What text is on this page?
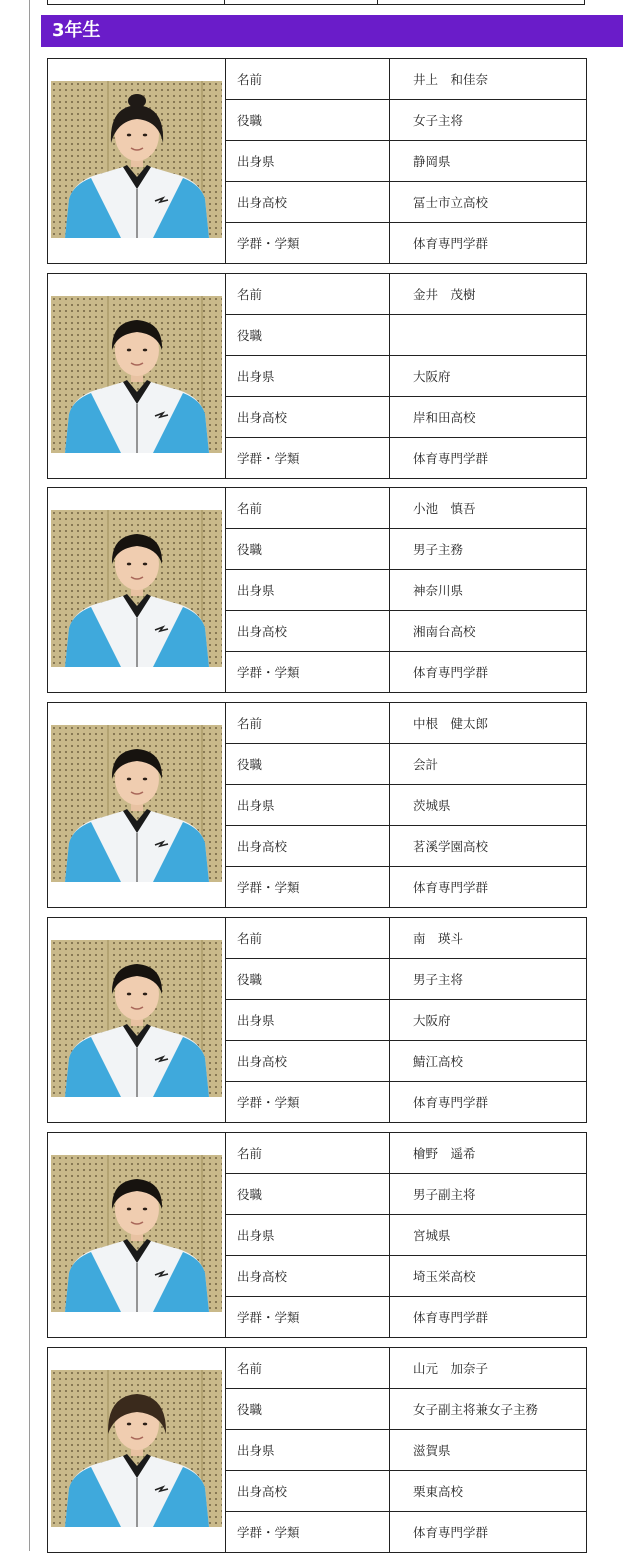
3年生
	名前	井上　和佳奈
	役職	女子主将
	出身県	静岡県
	出身高校	冨士市立高校
	学群・学類	体育専門学群
	名前	金井　茂樹
	役職	
	出身県	大阪府
	出身高校	岸和田高校
	学群・学類	体育専門学群
	名前	小池　慎吾
	役職	男子主務
	出身県	神奈川県
	出身高校	湘南台高校
	学群・学類	体育専門学群
	名前	中根　健太郎
	役職	会計
	出身県	茨城県
	出身高校	茗溪学園高校
	学群・学類	体育専門学群
	名前	南　瑛斗
	役職	男子主将
	出身県	大阪府
	出身高校	鯖江高校
	学群・学類	体育専門学群
	名前	檜野　遥希
	役職	男子副主将
	出身県	宮城県
	出身高校	埼玉栄高校
	学群・学類	体育専門学群
	名前	山元　加奈子
	役職	女子副主将兼女子主務
	出身県	滋賀県
	出身高校	栗東高校
	学群・学類	体育専門学群
